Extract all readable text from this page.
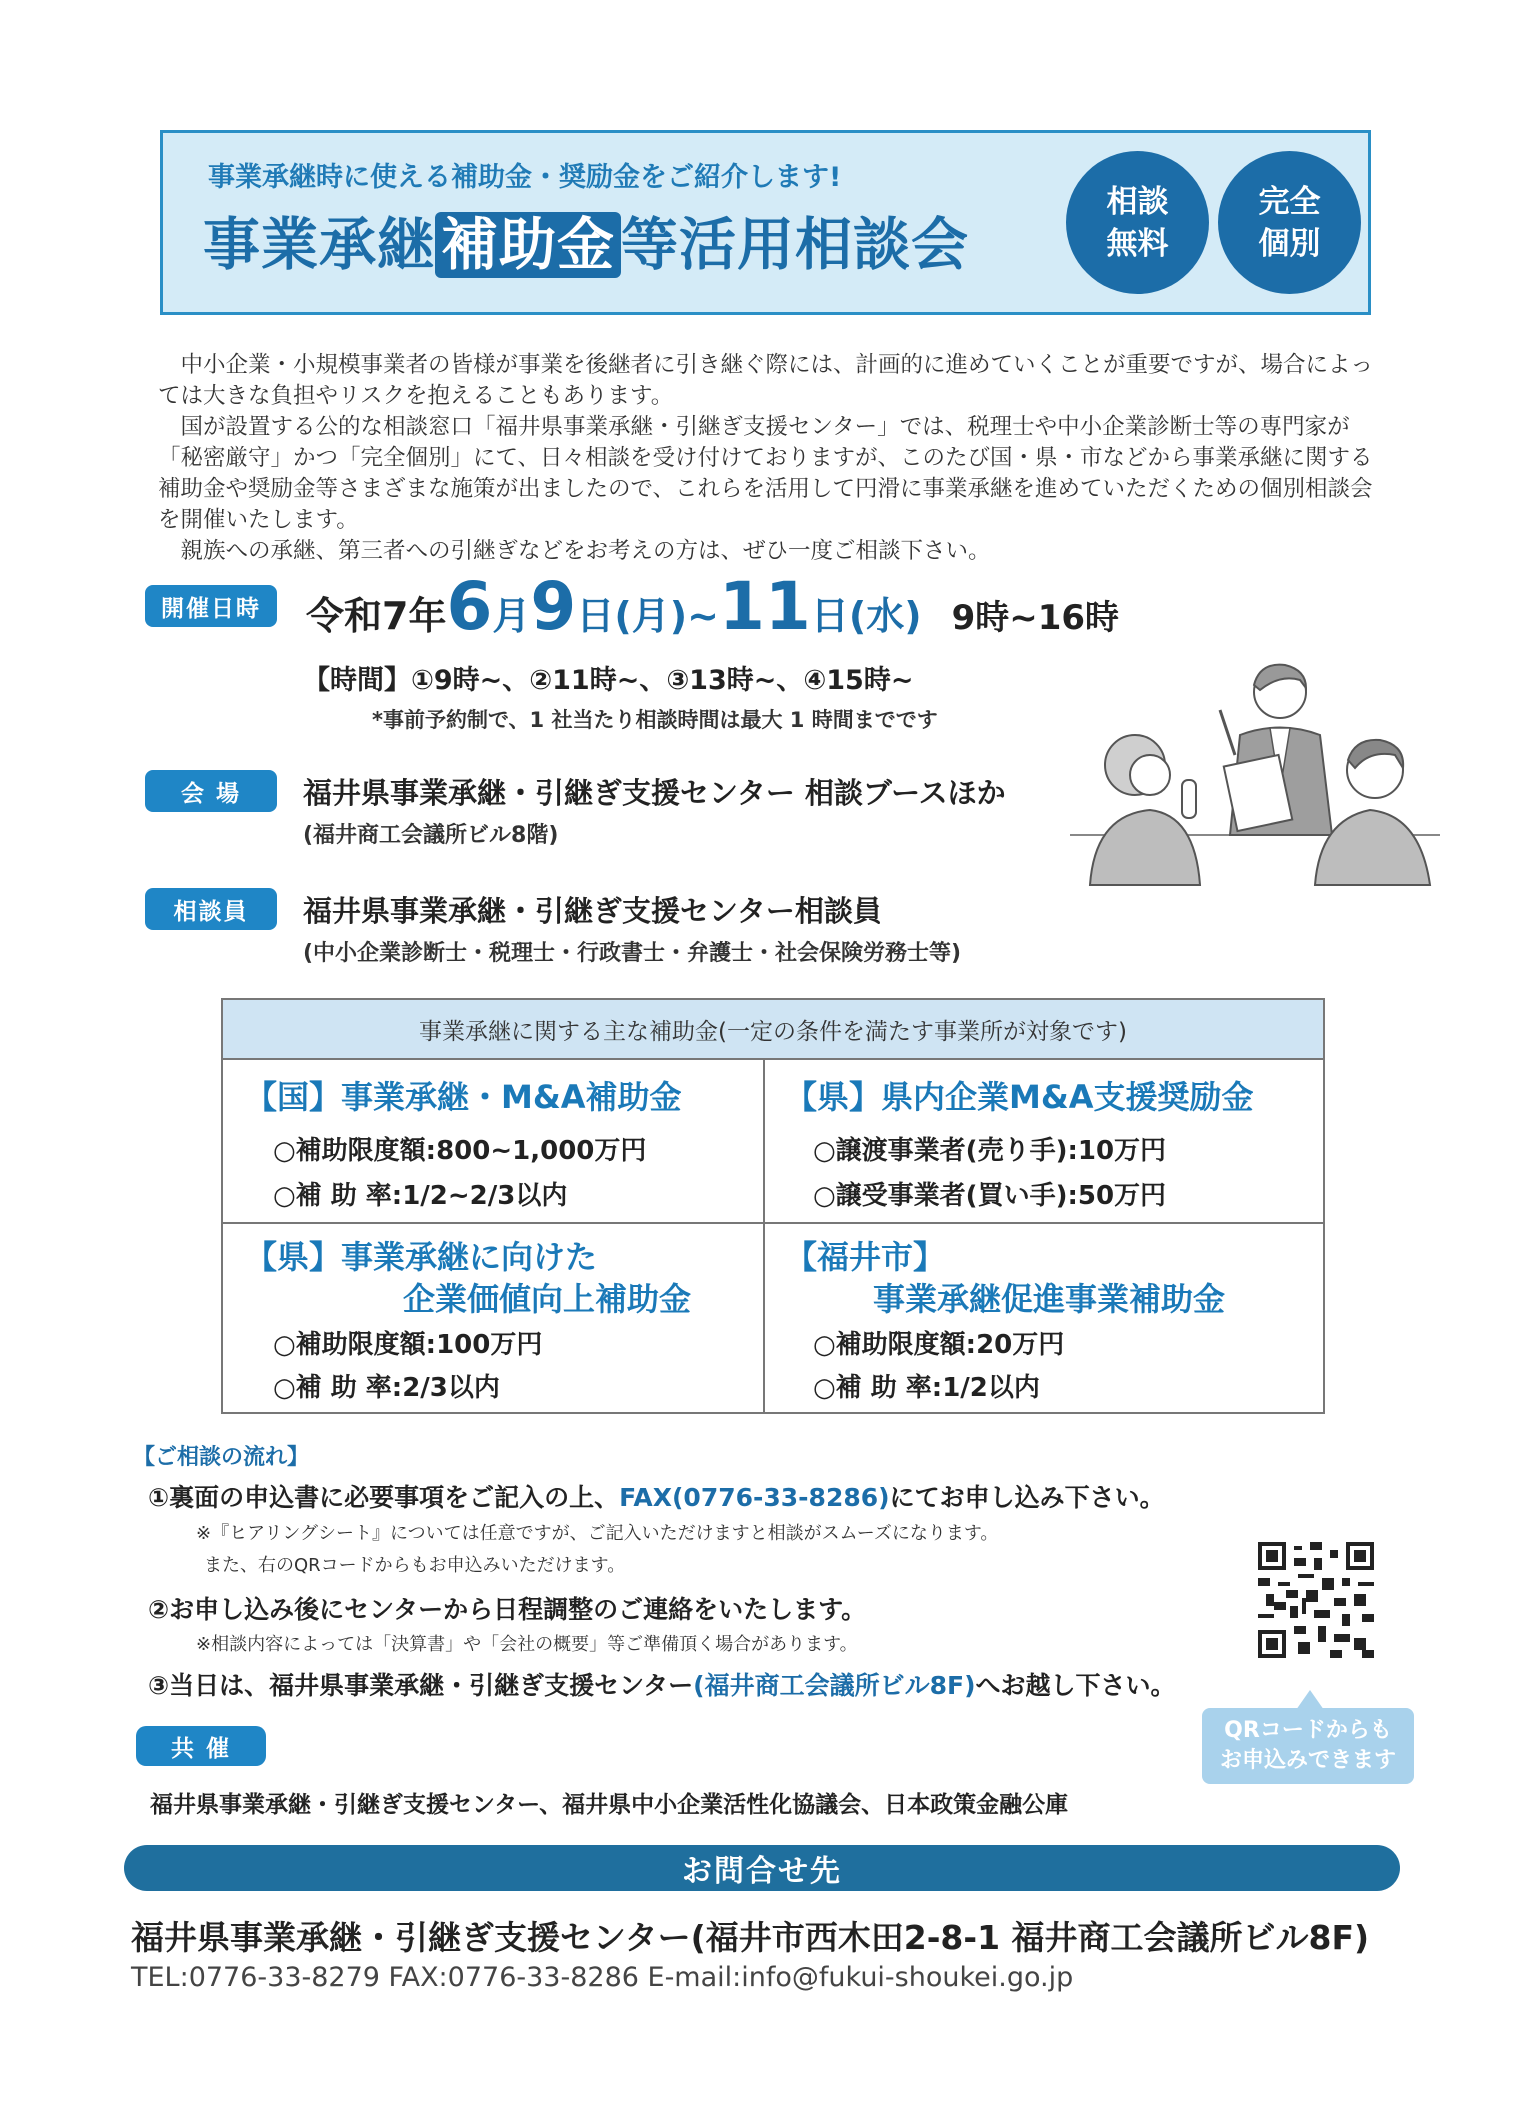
事業承継時に使える補助金・奨励金をご紹介します!
事業承継 補助金 等活用相談会
相談
無料
完全
個別

中小企業・小規模事業者の皆様が事業を後継者に引き継ぐ際には、計画的に進めていくことが重要ですが、場合によっては大きな負担やリスクを抱えることもあります。

国が設置する公的な相談窓口「福井県事業承継・引継ぎ支援センター」では、税理士や中小企業診断士等の専門家が「秘密厳守」かつ「完全個別」にて、日々相談を受け付けておりますが、このたび国・県・市などから事業承継に関する補助金や奨励金等さまざまな施策が出ましたので、これらを活用して円滑に事業承継を進めていただくための個別相談会を開催いたします。

親族への承継、第三者への引継ぎなどをお考えの方は、ぜひ一度ご相談下さい。

開催日時	令和7年6月9日(月)~11日(水) 9時~16時
【時間】①9時~、②11時~、③13時~、④15時~
*事前予約制で、1 社当たり相談時間は最大 1 時間までです
会 場	福井県事業承継・引継ぎ支援センター 相談ブースほか
(福井商工会議所ビル8階)
相談員	福井県事業承継・引継ぎ支援センター相談員
(中小企業診断士・税理士・行政書士・弁護士・社会保険労務士等)
事業承継に関する主な補助金(一定の条件を満たす事業所が対象です)
【国】事業承継・M&A補助金
○補助限度額:800~1,000万円
○補 助 率:1/2~2/3以内
【県】県内企業M&A支援奨励金
○譲渡事業者(売り手):10万円
○譲受事業者(買い手):50万円
【県】事業承継に向けた
企業価値向上補助金
○補助限度額:100万円
○補 助 率:2/3以内
【福井市】
事業承継促進事業補助金
○補助限度額:20万円
○補 助 率:1/2以内
【ご相談の流れ】
①裏面の申込書に必要事項をご記入の上、FAX(0776-33-8286)にてお申し込み下さい。
※『ヒアリングシート』については任意ですが、ご記入いただけますと相談がスムーズになります。
また、右のQRコードからもお申込みいただけます。
②お申し込み後にセンターから日程調整のご連絡をいたします。
※相談内容によっては「決算書」や「会社の概要」等ご準備頂く場合があります。
③当日は、福井県事業承継・引継ぎ支援センター(福井商工会議所ビル8F)へお越し下さい。
QRコードからも
お申込みできます
共 催
福井県事業承継・引継ぎ支援センター、福井県中小企業活性化協議会、日本政策金融公庫
お問合せ先
福井県事業承継・引継ぎ支援センター(福井市西木田2-8-1 福井商工会議所ビル8F)
TEL:0776-33-8279 FAX:0776-33-8286 E-mail:info@fukui-shoukei.go.jp
